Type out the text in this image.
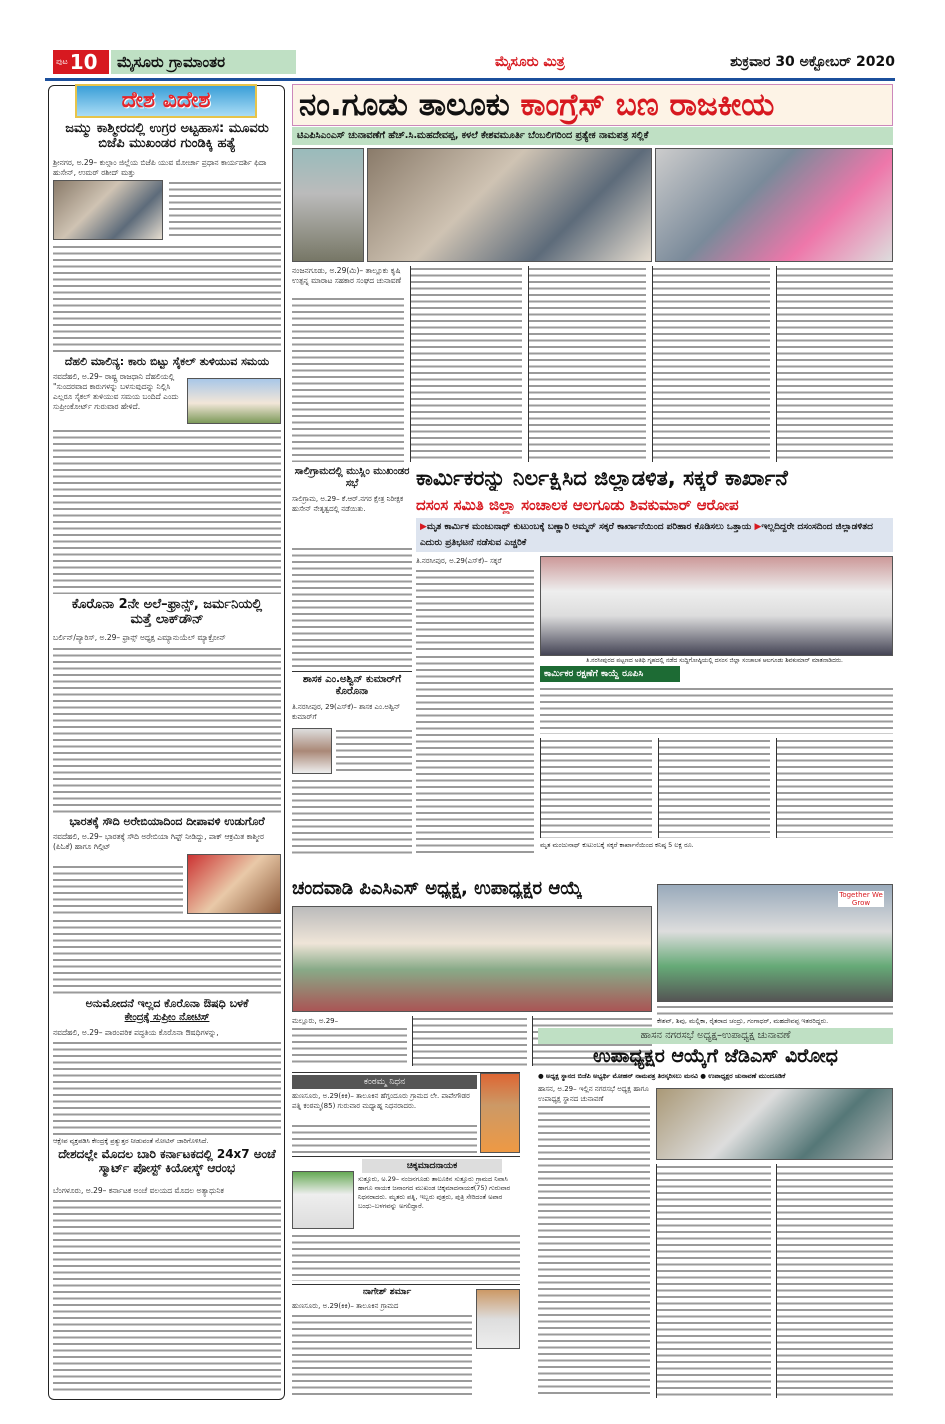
ಪುಟ 10	ಮೈಸೂರು ಗ್ರಾಮಾಂತರ	ಮೈಸೂರು ಮಿತ್ರ	ಶುಕ್ರವಾರ 30 ಅಕ್ಟೋಬರ್ 2020
ದೇಶ ವಿದೇಶ
ಜಮ್ಮು ಕಾಶ್ಮೀರದಲ್ಲಿ ಉಗ್ರರ ಅಟ್ಟಹಾಸ: ಮೂವರು ಬಿಜೆಪಿ ಮುಖಂಡರ ಗುಂಡಿಕ್ಕಿ ಹತ್ಯೆ
ಶ್ರೀನಗರ, ಅ.29– ಕುಲ್ಗಾಂ ಜಿಲ್ಲೆಯ ಬಿಜೆಪಿ ಯುವ ಮೋರ್ಚಾ ಪ್ರಧಾನ ಕಾರ್ಯದರ್ಶಿ ಫಿದಾ ಹುಸೇನ್, ಉಮರ್ ರಶೀದ್ ಮತ್ತು
ದೆಹಲಿ ಮಾಲಿನ್ಯ: ಕಾರು ಬಿಟ್ಟು ಸೈಕಲ್ ತುಳಿಯುವ ಸಮಯ
ನವದೆಹಲಿ, ಅ.29– ರಾಷ್ಟ್ರ ರಾಜಧಾನಿ ದೆಹಲಿಯಲ್ಲಿ "ಸುಂದರವಾದ ಕಾರುಗಳನ್ನು ಬಳಸುವುದನ್ನು ನಿಲ್ಲಿಸಿ ಎಲ್ಲರೂ ಸೈಕಲ್ ತುಳಿಯುವ ಸಮಯ ಬಂದಿದೆ ಎಂದು ಸುಪ್ರೀಂಕೋರ್ಟ್ ಗುರುವಾರ ಹೇಳಿದೆ.
ಕೊರೊನಾ 2ನೇ ಅಲೆ–ಫ್ರಾನ್ಸ್, ಜರ್ಮನಿಯಲ್ಲಿ ಮತ್ತೆ ಲಾಕ್‌ಡೌನ್
ಬರ್ಲಿನ್/ಪ್ಯಾರಿಸ್, ಅ.29– ಫ್ರಾನ್ಸ್ ಅಧ್ಯಕ್ಷ ಎಮ್ಯಾನುಯೆಲ್ ಮ್ಯಾಕ್ರೋನ್
ಭಾರತಕ್ಕೆ ಸೌದಿ ಅರೇಬಿಯಾದಿಂದ ದೀಪಾವಳಿ ಉಡುಗೊರೆ
ನವದೆಹಲಿ, ಅ.29– ಭಾರತಕ್ಕೆ ಸೌದಿ ಅರೇಬಿಯಾ ಗಿಫ್ಟ್ ನೀಡಿದ್ದು, ಪಾಕ್ ಆಕ್ರಮಿತ ಕಾಶ್ಮೀರ (ಪಿಓಕೆ) ಹಾಗೂ ಗಿಲ್ಗಿಟ್
ಅನುಮೋದನೆ ಇಲ್ಲದ ಕೊರೊನಾ ಔಷಧಿ ಬಳಕೆ
ಕೇಂದ್ರಕ್ಕೆ ಸುಪ್ರೀಂ ನೋಟಿಸ್
ನವದೆಹಲಿ, ಅ.29– ಪಾರಂಪರಿಕ ಪದ್ಧತಿಯ ಕೊರೊನಾ ಔಷಧಿಗಳನ್ನು,
ಆಕ್ಷೇಪ ವ್ಯಕ್ತಪಡಿಸಿ ಕೇಂದ್ರಕ್ಕೆ ಪ್ರತ್ಯುತ್ತರ ನೀಡುವಂತೆ ನೋಟಿಸ್ ಜಾರಿಗೊಳಿಸಿದೆ.
ದೇಶದಲ್ಲೇ ಮೊದಲ ಬಾರಿ ಕರ್ನಾಟಕದಲ್ಲಿ 24x7 ಅಂಚೆ ಸ್ಮಾರ್ಟ್ ಪೋಸ್ಟ್ ಕಿಯೋಸ್ಕ್ ಆರಂಭ
ಬೆಂಗಳೂರು, ಅ.29– ಕರ್ನಾಟಕ ಅಂಚೆ ವಲಯದ ಮೊದಲ ಅತ್ಯಾಧುನಿಕ
ನಂ.ಗೂಡು ತಾಲೂಕು ಕಾಂಗ್ರೆಸ್ ಬಣ ರಾಜಕೀಯ
ಟಿಎಪಿಸಿಎಂಎಸ್ ಚುನಾವಣೆಗೆ ಹೆಚ್.ಸಿ.ಮಹದೇವಪ್ಪ, ಕಳಲೆ ಕೇಶವಮೂರ್ತಿ ಬೆಂಬಲಿಗರಿಂದ ಪ್ರತ್ಯೇಕ ನಾಮಪತ್ರ ಸಲ್ಲಿಕೆ
ನಂಜನಗೂಡು, ಅ.29(ಮಿ)– ತಾಲ್ಲೂಕು ಕೃಷಿ ಉತ್ಪನ್ನ ಮಾರಾಟ ಸಹಕಾರ ಸಂಘದ ಚುನಾವಣೆ
ಸಾಲಿಗ್ರಾಮದಲ್ಲಿ ಮುಸ್ಲಿಂ ಮುಖಂಡರ ಸಭೆ
ಸಾಲಿಗ್ರಾಮ, ಅ.29– ಕೆ.ಆರ್.ನಗರ ಕ್ಷೇತ್ರ ನಿರೀಕ್ಷಕ ಹುಸೇನ್ ನೇತೃತ್ವದಲ್ಲಿ ನಡೆಯಿತು.
ಶಾಸಕ ಎಂ.ಅಶ್ವಿನ್ ಕುಮಾರ್‌ಗೆ ಕೊರೊನಾ
ತಿ.ನರಸೀಪುರ, 29(ಎಸ್‌ಕೆ)– ಶಾಸಕ ಎಂ.ಅಶ್ವಿನ್ ಕುಮಾರ್‌ಗೆ
ಕಾರ್ಮಿಕರನ್ನು ನಿರ್ಲಕ್ಷಿಸಿದ ಜಿಲ್ಲಾಡಳಿತ, ಸಕ್ಕರೆ ಕಾರ್ಖಾನೆ
ದಸಂಸ ಸಮಿತಿ ಜಿಲ್ಲಾ ಸಂಚಾಲಕ ಆಲಗೂಡು ಶಿವಕುಮಾರ್ ಆರೋಪ
▶ಮೃತ ಕಾರ್ಮಿಕ ಮಂಜುನಾಥ್ ಕುಟುಂಬಕ್ಕೆ ಬಣ್ಣಾರಿ ಅಮ್ಮನ್ ಸಕ್ಕರೆ ಕಾರ್ಖಾನೆಯಿಂದ ಪರಿಹಾರ ಕೊಡಿಸಲು ಒತ್ತಾಯ ▶ಇಲ್ಲದಿದ್ದರೇ ದಸಂಸದಿಂದ ಜಿಲ್ಲಾಡಳಿತದ ಎದುರು ಪ್ರತಿಭಟನೆ ನಡೆಸುವ ಎಚ್ಚರಿಕೆ
ತಿ.ನರಸೀಪುರ, ಅ.29(ಎಸ್‌ಕೆ)– ಸಕ್ಕರೆ
ತಿ.ನರಸೀಪುರದ ಪಟ್ಟಣದ ಅತಿಥಿ ಗೃಹದಲ್ಲಿ ನಡೆದ ಸುದ್ದಿಗೋಷ್ಠಿಯಲ್ಲಿ ದಸಂಸ ಜಿಲ್ಲಾ ಸಂಚಾಲಕ ಆಲಗೂಡು ಶಿವಕುಮಾರ್ ಮಾತನಾಡಿದರು.
ಕಾರ್ಮಿಕರ ರಕ್ಷಣೆಗೆ ಕಾಯ್ದೆ ರೂಪಿಸಿ
ಮೃತ ಮಂಜುನಾಥ್ ಕುಟುಂಬಕ್ಕೆ ಸಕ್ಕರೆ ಕಾರ್ಖಾನೆಯಿಂದ ಕನಿಷ್ಠ 5 ಲಕ್ಷ ರೂ.
ಚಂದವಾಡಿ ಪಿಎಸಿಎಸ್ ಅಧ್ಯಕ್ಷ, ಉಪಾಧ್ಯಕ್ಷರ ಆಯ್ಕೆ
ಮಲ್ಲೂರು, ಅ.29–
Together We Grow
ಕೇಶವ್, ಶಿವು, ಮಲ್ಲಿಕಾ, ರೈತರಾದ ಚಂದ್ರು, ಗಂಗಾಧರ್, ಮಹದೇವಪ್ಪ ಇತರರಿದ್ದರು.
ಕಂಠಮ್ಮ ನಿಧನ
ಹುಣಸೂರು, ಅ.29(ಕಿಕಿ)– ತಾಲೂಕಿನ ಹೆಗ್ಗಂದೂರು ಗ್ರಾಮದ ಲೇ. ಪಾಪೇಗೌಡರ ಪತ್ನಿ ಕಂಠಮ್ಮ(85) ಗುರುವಾರ ಮಧ್ಯಾಹ್ನ ನಿಧನರಾದರು.
ಚಿಕ್ಕಮಾದನಾಯಕ
ಸುತ್ತೂರು, ಅ.29– ನಂಜನಗೂಡು ತಾಲೂಕಿನ ಸುತ್ತೂರು ಗ್ರಾಮದ ನಿವಾಸಿ ಹಾಗೂ ನಾಯಕ ಜನಾಂಗದ ಮುಖಂಡ ಚಿಕ್ಕಮಾದನಾಯಕ(75) ಗುರುವಾರ ನಿಧನರಾದರು. ಮೃತರು ಪತ್ನಿ, ಇಬ್ಬರು ಪುತ್ರರು, ಪುತ್ರಿ ಸೇರಿದಂತೆ ಅಪಾರ ಬಂಧು–ಬಳಗವನ್ನು ಅಗಲಿದ್ದಾರೆ.
ನಾಗೇಶ್ ಶರ್ಮಾ
ಹುಣಸೂರು, ಅ.29(ಕಿಕಿ)– ತಾಲೂಕಿನ ಗ್ರಾಮದ
ಹಾಸನ ನಗರಸಭೆ ಅಧ್ಯಕ್ಷ–ಉಪಾಧ್ಯಕ್ಷ ಚುನಾವಣೆ
ಉಪಾಧ್ಯಕ್ಷರ ಆಯ್ಕೆಗೆ ಜೆಡಿಎಸ್ ವಿರೋಧ
● ಅಧ್ಯಕ್ಷ ಸ್ಥಾನದ ಬಿಜೆಪಿ ಅಭ್ಯರ್ಥಿ ಮೋಹನ್ ನಾಮಪತ್ರ ತಿರಸ್ಕರಿಸಲು ಮನವಿ ● ಉಪಾಧ್ಯಕ್ಷರ ಚುನಾವಣೆ ಮುಂದೂಡಿಕೆ
ಹಾಸನ, ಅ.29– ಇಲ್ಲಿನ ನಗರಸಭೆ ಅಧ್ಯಕ್ಷ ಹಾಗೂ ಉಪಾಧ್ಯಕ್ಷ ಸ್ಥಾನದ ಚುನಾವಣೆ
